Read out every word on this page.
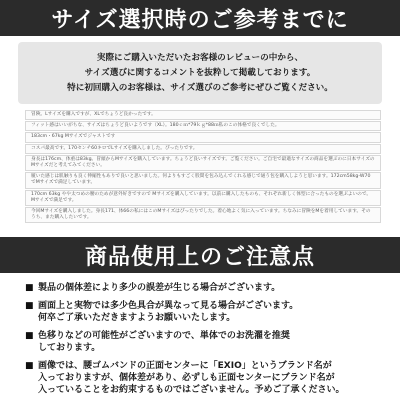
サイズ選択時のご参考までに
実際にご購入いただいたお客様のレビューの中から、
サイズ選びに関するコメントを抜粋して掲載しております。
特に初回購入のお客様は、サイズ選びのご参考にぜひご覧ください。
冒険。Lサイズを購入ですが、XLでちょうど良かったです。
フィット感はいいがちな、サイズはちょうど良いようです（XL）。180ｃｍ*79ｋｇ*88ｍ私のこの体格で良くでした。
183cm・67kg Mサイズでジャストです
コスパ最高です。170センチ60キロでLサイズを購入しました。ぴったりです。
身長は176cm、体重は83kg。冒頭からMサイズを購入しています。ちょうど良いサイズです。ご覧ください。ご自宅で最適なサイズの商品を選ぶのに日本サイズのMサイズだと考えてみてください。
履いた感じは肌触りも良く伸縮性もありで良いと思いました。何よりもすごく股間を包み込んでくれる感じで通う包を購入しようと思います。172cm58kg-W70でMサイズで満足しています。
170cm 63kg やや太つめの腰のためが意外好きですので Mサイズを購入しています。以前に購入したものも、それぞれ新しく体型に合ったものを選ぶよいので。Mサイズで満足です。
今回Mサイズを購入しました。身長171、体66の私にはこのMサイズはぴったりでした。着心地よく気に入っています。ちなみに冒険をMを着用しています。そのうち、また購入したいです。
商品使用上のご注意点
■ 製品の個体差により多少の誤差が生じる場合がございます。
■ 画面上と実物では多少色具合が異なって見る場合がございます。
何卒ご了承いただきますようお願いいたします。
■ 色移りなどの可能性がございますので、単体でのお洗濯を推奨
しております。
■ 画像では、腰ゴムバンドの正面センターに「EXIO」というブランド名が
入っておりますが、個体差があり、必ずしも正面センターにブランド名が
入っていることをお約束するものではございません。予めご了承ください。
